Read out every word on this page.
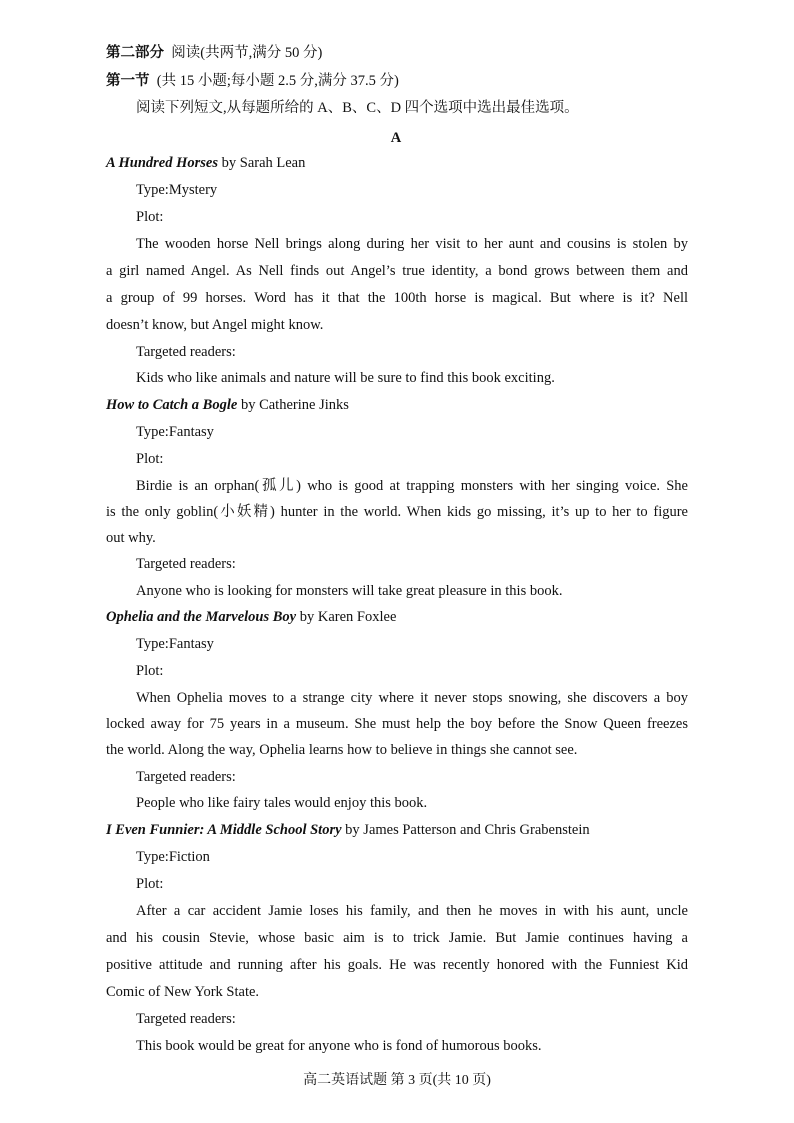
第二部分 阅读(共两节,满分 50 分)
第一节 (共 15 小题;每小题 2.5 分,满分 37.5 分)
阅读下列短文,从每题所给的 A、B、C、D 四个选项中选出最佳选项。
A
A Hundred Horses by Sarah Lean
Type:Mystery
Plot:
The wooden horse Nell brings along during her visit to her aunt and cousins is stolen by
a girl named Angel. As Nell finds out Angel’s true identity, a bond grows between them and
a group of 99 horses. Word has it that the 100th horse is magical. But where is it? Nell
doesn’t know, but Angel might know.
Targeted readers:
Kids who like animals and nature will be sure to find this book exciting.
How to Catch a Bogle by Catherine Jinks
Type:Fantasy
Plot:
Birdie is an orphan(孤儿) who is good at trapping monsters with her singing voice. She
is the only goblin(小妖精) hunter in the world. When kids go missing, it’s up to her to figure
out why.
Targeted readers:
Anyone who is looking for monsters will take great pleasure in this book.
Ophelia and the Marvelous Boy by Karen Foxlee
Type:Fantasy
Plot:
When Ophelia moves to a strange city where it never stops snowing, she discovers a boy
locked away for 75 years in a museum. She must help the boy before the Snow Queen freezes
the world. Along the way, Ophelia learns how to believe in things she cannot see.
Targeted readers:
People who like fairy tales would enjoy this book.
I Even Funnier: A Middle School Story by James Patterson and Chris Grabenstein
Type:Fiction
Plot:
After a car accident Jamie loses his family, and then he moves in with his aunt, uncle
and his cousin Stevie, whose basic aim is to trick Jamie. But Jamie continues having a
positive attitude and running after his goals. He was recently honored with the Funniest Kid
Comic of New York State.
Targeted readers:
This book would be great for anyone who is fond of humorous books.
高二英语试题 第 3 页(共 10 页)
